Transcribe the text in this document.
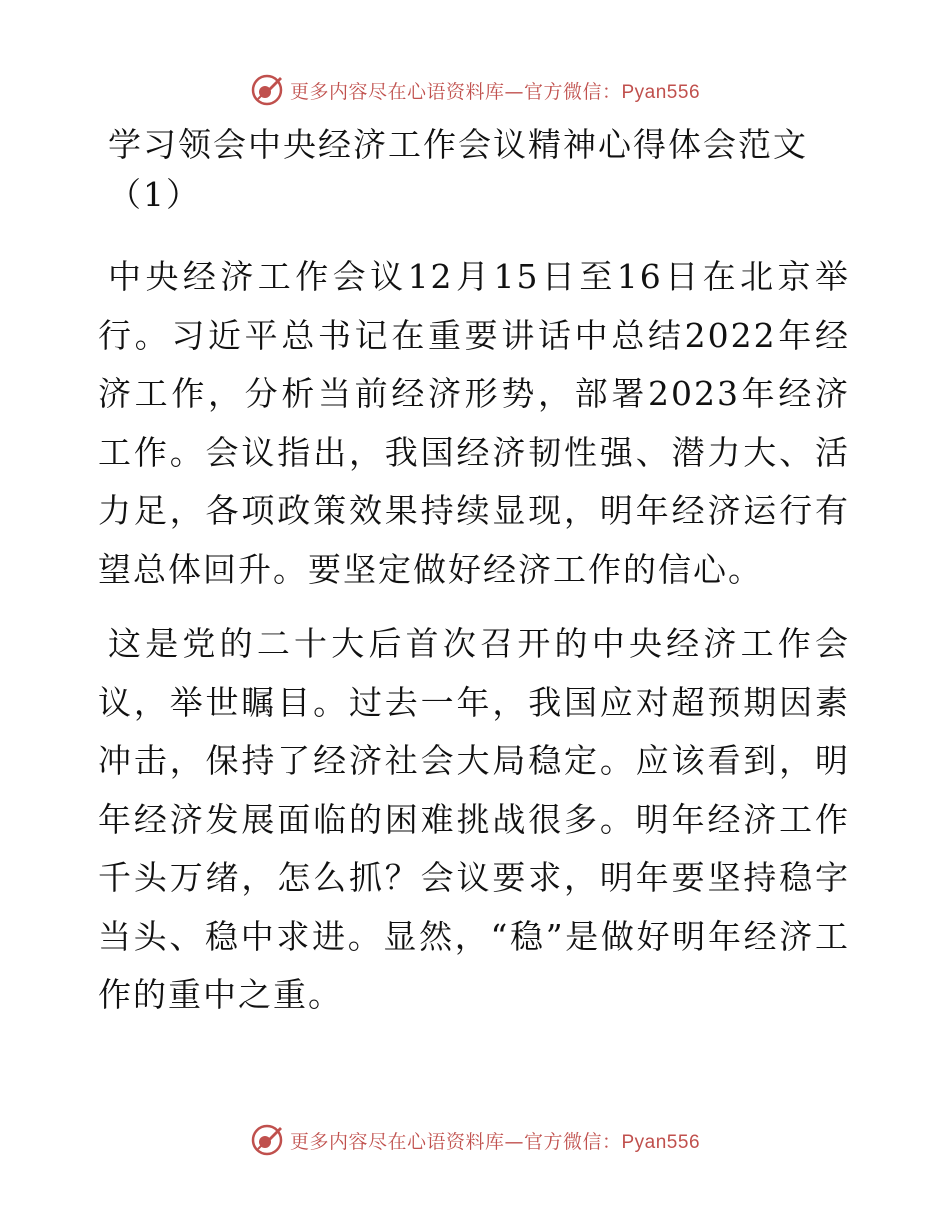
更多内容尽在心语资料库—官方微信：Pyan556
学习领会中央经济工作会议精神心得体会范文
（1）

中央经济工作会议12月15日至16日在北京举行。习近平总书记在重要讲话中总结2022年经济工作，分析当前经济形势，部署2023年经济工作。会议指出，我国经济韧性强、潜力大、活力足，各项政策效果持续显现，明年经济运行有望总体回升。要坚定做好经济工作的信心。

这是党的二十大后首次召开的中央经济工作会议，举世瞩目。过去一年，我国应对超预期因素冲击，保持了经济社会大局稳定。应该看到，明年经济发展面临的困难挑战很多。明年经济工作千头万绪，怎么抓？会议要求，明年要坚持稳字当头、稳中求进。显然，“稳”是做好明年经济工作的重中之重。

更多内容尽在心语资料库—官方微信：Pyan556
